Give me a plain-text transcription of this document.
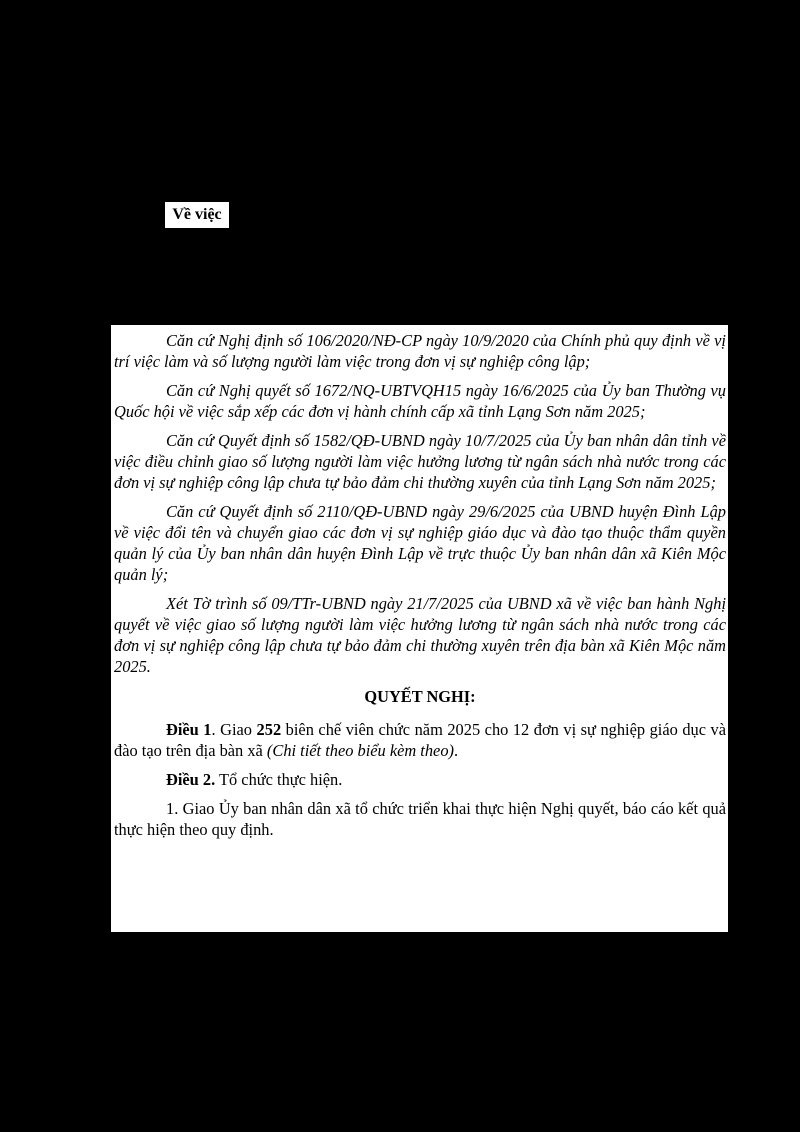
Về việc

Căn cứ Nghị định số 106/2020/NĐ-CP ngày 10/9/2020 của Chính phủ quy định về vị trí việc làm và số lượng người làm việc trong đơn vị sự nghiệp công lập;

Căn cứ Nghị quyết số 1672/NQ-UBTVQH15 ngày 16/6/2025 của Ủy ban Thường vụ Quốc hội về việc sắp xếp các đơn vị hành chính cấp xã tỉnh Lạng Sơn năm 2025;

Căn cứ Quyết định số 1582/QĐ-UBND ngày 10/7/2025 của Ủy ban nhân dân tỉnh về việc điều chỉnh giao số lượng người làm việc hưởng lương từ ngân sách nhà nước trong các đơn vị sự nghiệp công lập chưa tự bảo đảm chi thường xuyên của tỉnh Lạng Sơn năm 2025;

Căn cứ Quyết định số 2110/QĐ-UBND ngày 29/6/2025 của UBND huyện Đình Lập về việc đổi tên và chuyển giao các đơn vị sự nghiệp giáo dục và đào tạo thuộc thẩm quyền quản lý của Ủy ban nhân dân huyện Đình Lập về trực thuộc Ủy ban nhân dân xã Kiên Mộc quản lý;

Xét Tờ trình số 09/TTr-UBND ngày 21/7/2025 của UBND xã về việc ban hành Nghị quyết về việc giao số lượng người làm việc hưởng lương từ ngân sách nhà nước trong các đơn vị sự nghiệp công lập chưa tự bảo đảm chi thường xuyên trên địa bàn xã Kiên Mộc năm 2025.

QUYẾT NGHỊ:

Điều 1. Giao 252 biên chế viên chức năm 2025 cho 12 đơn vị sự nghiệp giáo dục và đào tạo trên địa bàn xã (Chi tiết theo biểu kèm theo).

Điều 2. Tổ chức thực hiện.

1. Giao Ủy ban nhân dân xã tổ chức triển khai thực hiện Nghị quyết, báo cáo kết quả thực hiện theo quy định.
